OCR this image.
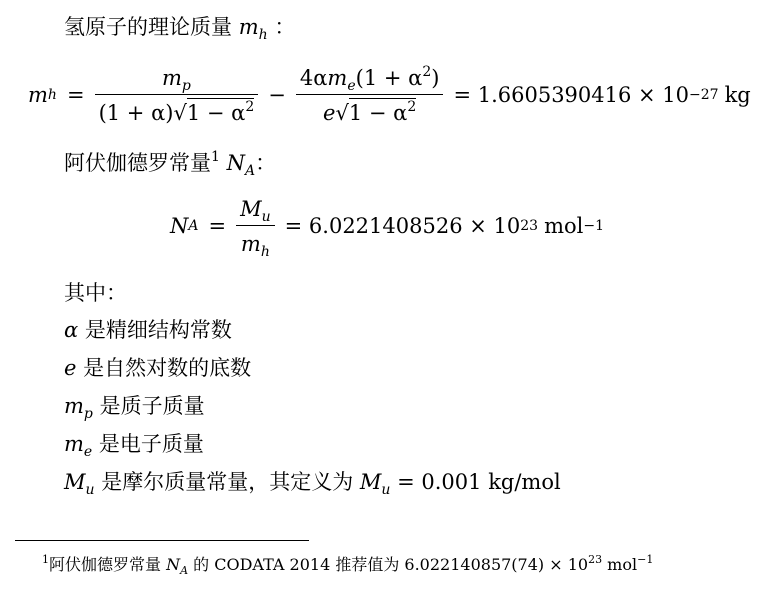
氢原子的理论质量 $m_h$ ：
m $h = \frac{m_p}{(1 + \alpha)√1 - \alpha^2} - \frac{4\alpha m_e(1 + \alpha^2)}{e√1 - \alpha^2} = 1.6605390416 \times 10 -27$ kg
阿伏伽德罗常量$^1$ $N_A$：
N $A = \frac{M_u}{m_h} = 6.0221408526 \times 10$ 23 mol −1
其中：
α 是精细结构常数
e 是自然对数的底数
$m_p$ 是质子质量
$m_e$ 是电子质量
$M_u$ 是摩尔质量常量，其定义为 $M_u = 0.001$ kg/mol
$^1$阿伏伽德罗常量 $N_A$ 的 CODATA 2014 推荐值为 $6.022140857(74) \times 10^{23}$ mol$^{-1}$
